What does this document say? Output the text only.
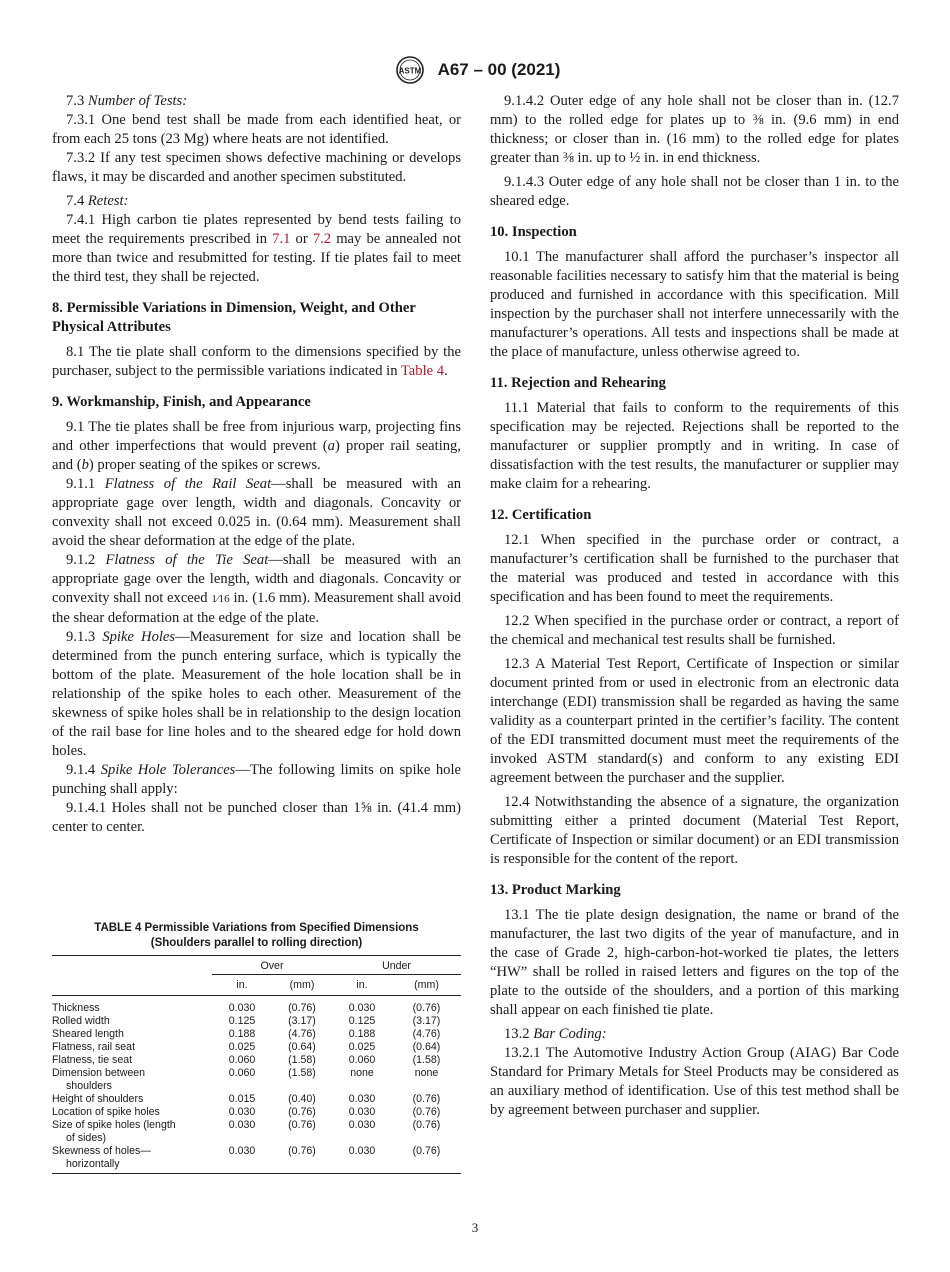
ASTM A67 – 00 (2021)

7.3 Number of Tests:

7.3.1 One bend test shall be made from each identified heat, or from each 25 tons (23 Mg) where heats are not identified.

7.3.2 If any test specimen shows defective machining or develops flaws, it may be discarded and another specimen substituted.

7.4 Retest:

7.4.1 High carbon tie plates represented by bend tests failing to meet the requirements prescribed in 7.1 or 7.2 may be annealed not more than twice and resubmitted for testing. If tie plates fail to meet the third test, they shall be rejected.

8. Permissible Variations in Dimension, Weight, and Other Physical Attributes

8.1 The tie plate shall conform to the dimensions specified by the purchaser, subject to the permissible variations indicated in Table 4.

9. Workmanship, Finish, and Appearance

9.1 The tie plates shall be free from injurious warp, projecting fins and other imperfections that would prevent (a) proper rail seating, and (b) proper seating of the spikes or screws.

9.1.1 Flatness of the Rail Seat—shall be measured with an appropriate gage over length, width and diagonals. Concavity or convexity shall not exceed 0.025 in. (0.64 mm). Measurement shall avoid the shear deformation at the edge of the plate.

9.1.2 Flatness of the Tie Seat—shall be measured with an appropriate gage over the length, width and diagonals. Concavity or convexity shall not exceed 1⁄16 in. (1.6 mm). Measurement shall avoid the shear deformation at the edge of the plate.

9.1.3 Spike Holes—Measurement for size and location shall be determined from the punch entering surface, which is typically the bottom of the plate. Measurement of the hole location shall be in relationship of the spike holes to each other. Measurement of the skewness of spike holes shall be in relationship to the design location of the rail base for line holes and to the sheared edge for hold down holes.

9.1.4 Spike Hole Tolerances—The following limits on spike hole punching shall apply:

9.1.4.1 Holes shall not be punched closer than 1⅝ in. (41.4 mm) center to center.

TABLE 4 Permissible Variations from Specified Dimensions
(Shoulders parallel to rolling direction)
	Over		Under	
	in.	(mm)	in.	(mm)
Thickness	0.030	(0.76)	0.030	(0.76)
Rolled width	0.125	(3.17)	0.125	(3.17)
Sheared length	0.188	(4.76)	0.188	(4.76)
Flatness, rail seat	0.025	(0.64)	0.025	(0.64)
Flatness, tie seat	0.060	(1.58)	0.060	(1.58)
Dimension between
shoulders	0.060	(1.58)	none	none
Height of shoulders	0.015	(0.40)	0.030	(0.76)
Location of spike holes	0.030	(0.76)	0.030	(0.76)
Size of spike holes (length
of sides)	0.030	(0.76)	0.030	(0.76)
Skewness of holes—
horizontally	0.030	(0.76)	0.030	(0.76)

9.1.4.2 Outer edge of any hole shall not be closer than in. (12.7 mm) to the rolled edge for plates up to ⅜ in. (9.6 mm) in end thickness; or closer than in. (16 mm) to the rolled edge for plates greater than ⅜ in. up to ½ in. in end thickness.

9.1.4.3 Outer edge of any hole shall not be closer than 1 in. to the sheared edge.

10. Inspection

10.1 The manufacturer shall afford the purchaser’s inspector all reasonable facilities necessary to satisfy him that the material is being produced and furnished in accordance with this specification. Mill inspection by the purchaser shall not interfere unnecessarily with the manufacturer’s operations. All tests and inspections shall be made at the place of manufacture, unless otherwise agreed to.

11. Rejection and Rehearing

11.1 Material that fails to conform to the requirements of this specification may be rejected. Rejections shall be reported to the manufacturer or supplier promptly and in writing. In case of dissatisfaction with the test results, the manufacturer or supplier may make claim for a rehearing.

12. Certification

12.1 When specified in the purchase order or contract, a manufacturer’s certification shall be furnished to the purchaser that the material was produced and tested in accordance with this specification and has been found to meet the requirements.

12.2 When specified in the purchase order or contract, a report of the chemical and mechanical test results shall be furnished.

12.3 A Material Test Report, Certificate of Inspection or similar document printed from or used in electronic from an electronic data interchange (EDI) transmission shall be regarded as having the same validity as a counterpart printed in the certifier’s facility. The content of the EDI transmitted document must meet the requirements of the invoked ASTM standard(s) and conform to any existing EDI agreement between the purchaser and the supplier.

12.4 Notwithstanding the absence of a signature, the organization submitting either a printed document (Material Test Report, Certificate of Inspection or similar document) or an EDI transmission is responsible for the content of the report.

13. Product Marking

13.1 The tie plate design designation, the name or brand of the manufacturer, the last two digits of the year of manufacture, and in the case of Grade 2, high-carbon-hot-worked tie plates, the letters “HW” shall be rolled in raised letters and figures on the top of the plate to the outside of the shoulders, and a portion of this marking shall appear on each finished tie plate.

13.2 Bar Coding:

13.2.1 The Automotive Industry Action Group (AIAG) Bar Code Standard for Primary Metals for Steel Products may be considered as an auxiliary method of identification. Use of this test method shall be by agreement between purchaser and supplier.

3
